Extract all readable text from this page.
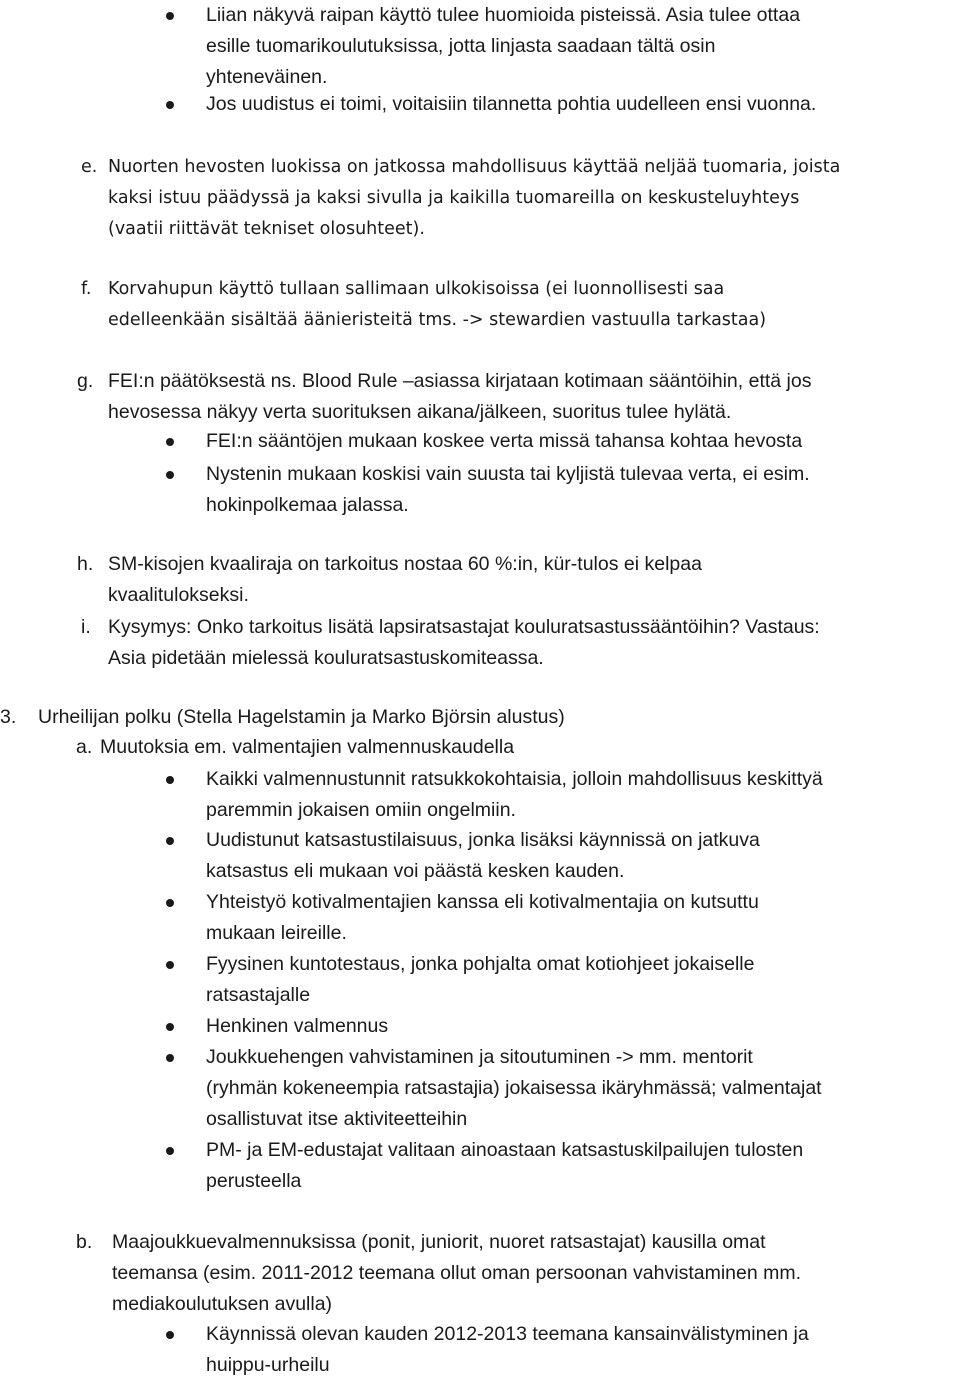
Liian näkyvä raipan käyttö tulee huomioida pisteissä. Asia tulee ottaa
esille tuomarikoulutuksissa, jotta linjasta saadaan tältä osin
yhteneväinen.
Jos uudistus ei toimi, voitaisiin tilannetta pohtia uudelleen ensi vuonna.
e. Nuorten hevosten luokissa on jatkossa mahdollisuus käyttää neljää tuomaria, joista
kaksi istuu päädyssä ja kaksi sivulla ja kaikilla tuomareilla on keskusteluyhteys
(vaatii riittävät tekniset olosuhteet).
f. Korvahupun käyttö tullaan sallimaan ulkokisoissa (ei luonnollisesti saa
edelleenkään sisältää äänieristeitä tms. -> stewardien vastuulla tarkastaa)
g. FEI:n päätöksestä ns. Blood Rule –asiassa kirjataan kotimaan sääntöihin, että jos
hevosessa näkyy verta suorituksen aikana/jälkeen, suoritus tulee hylätä.
FEI:n sääntöjen mukaan koskee verta missä tahansa kohtaa hevosta
Nystenin mukaan koskisi vain suusta tai kyljistä tulevaa verta, ei esim.
hokinpolkemaa jalassa.
h. SM-kisojen kvaaliraja on tarkoitus nostaa 60 %:in, kür-tulos ei kelpaa
kvaalitulokseksi.
i. Kysymys: Onko tarkoitus lisätä lapsiratsastajat kouluratsastussääntöihin? Vastaus:
Asia pidetään mielessä kouluratsastuskomiteassa.
3. Urheilijan polku (Stella Hagelstamin ja Marko Björsin alustus)
a. Muutoksia em. valmentajien valmennuskaudella
Kaikki valmennustunnit ratsukkokohtaisia, jolloin mahdollisuus keskittyä
paremmin jokaisen omiin ongelmiin.
Uudistunut katsastustilaisuus, jonka lisäksi käynnissä on jatkuva
katsastus eli mukaan voi päästä kesken kauden.
Yhteistyö kotivalmentajien kanssa eli kotivalmentajia on kutsuttu
mukaan leireille.
Fyysinen kuntotestaus, jonka pohjalta omat kotiohjeet jokaiselle
ratsastajalle
Henkinen valmennus
Joukkuehengen vahvistaminen ja sitoutuminen -> mm. mentorit
(ryhmän kokeneempia ratsastajia) jokaisessa ikäryhmässä; valmentajat
osallistuvat itse aktiviteetteihin
PM- ja EM-edustajat valitaan ainoastaan katsastuskilpailujen tulosten
perusteella
b. Maajoukkuevalmennuksissa (ponit, juniorit, nuoret ratsastajat) kausilla omat
teemansa (esim. 2011-2012 teemana ollut oman persoonan vahvistaminen mm.
mediakoulutuksen avulla)
Käynnissä olevan kauden 2012-2013 teemana kansainvälistyminen ja
huippu-urheilu
